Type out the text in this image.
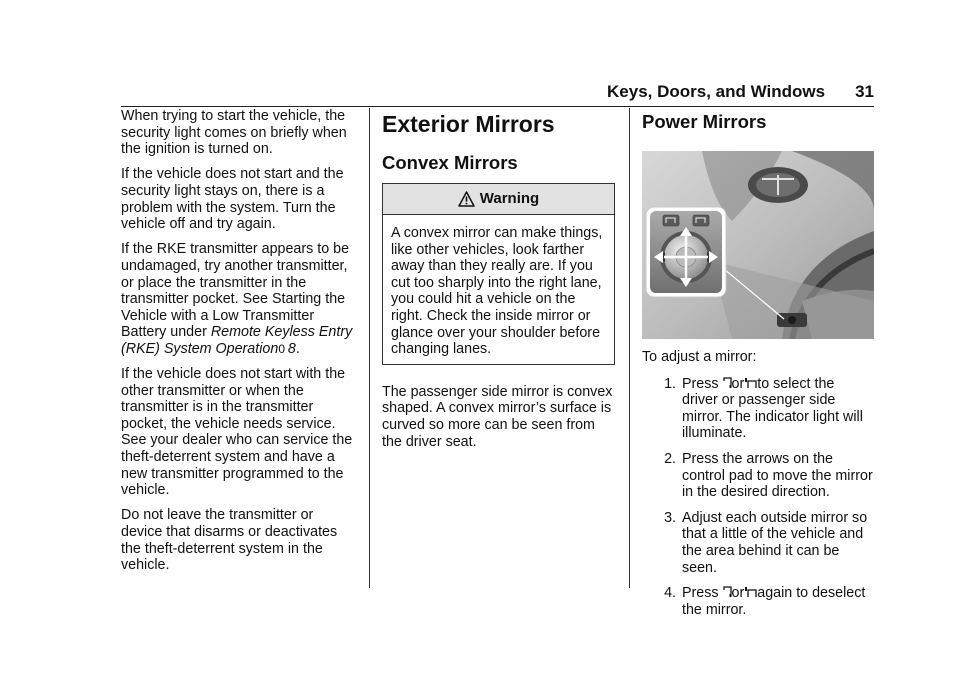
Keys, Doors, and Windows 31

When trying to start the vehicle, the security light comes on briefly when the ignition is turned on.

If the vehicle does not start and the security light stays on, there is a problem with the system. Turn the vehicle off and try again.

If the RKE transmitter appears to be undamaged, try another transmitter, or place the transmitter in the transmitter pocket. See Starting the Vehicle with a Low Transmitter Battery under Remote Keyless Entry (RKE) System Operation0  8.

If the vehicle does not start with the other transmitter or when the transmitter is in the transmitter pocket, the vehicle needs service. See your dealer who can service the theft-deterrent system and have a new transmitter programmed to the vehicle.

Do not leave the transmitter or device that disarms or deactivates the theft-deterrent system in the vehicle.

Exterior Mirrors
Convex Mirrors
Warning
A convex mirror can make things, like other vehicles, look farther away than they really are. If you cut too sharply into the right lane, you could hit a vehicle on the right. Check the inside mirror or glance over your shoulder before changing lanes.

The passenger side mirror is convex shaped. A convex mirror’s surface is curved so more can be seen from the driver seat.

Power Mirrors

To adjust a mirror:

1. Press or to select the driver or passenger side mirror. The indicator light will illuminate.
2. Press the arrows on the control pad to move the mirror in the desired direction.
3. Adjust each outside mirror so that a little of the vehicle and the area behind it can be seen.
4. Press or again to deselect the mirror.
